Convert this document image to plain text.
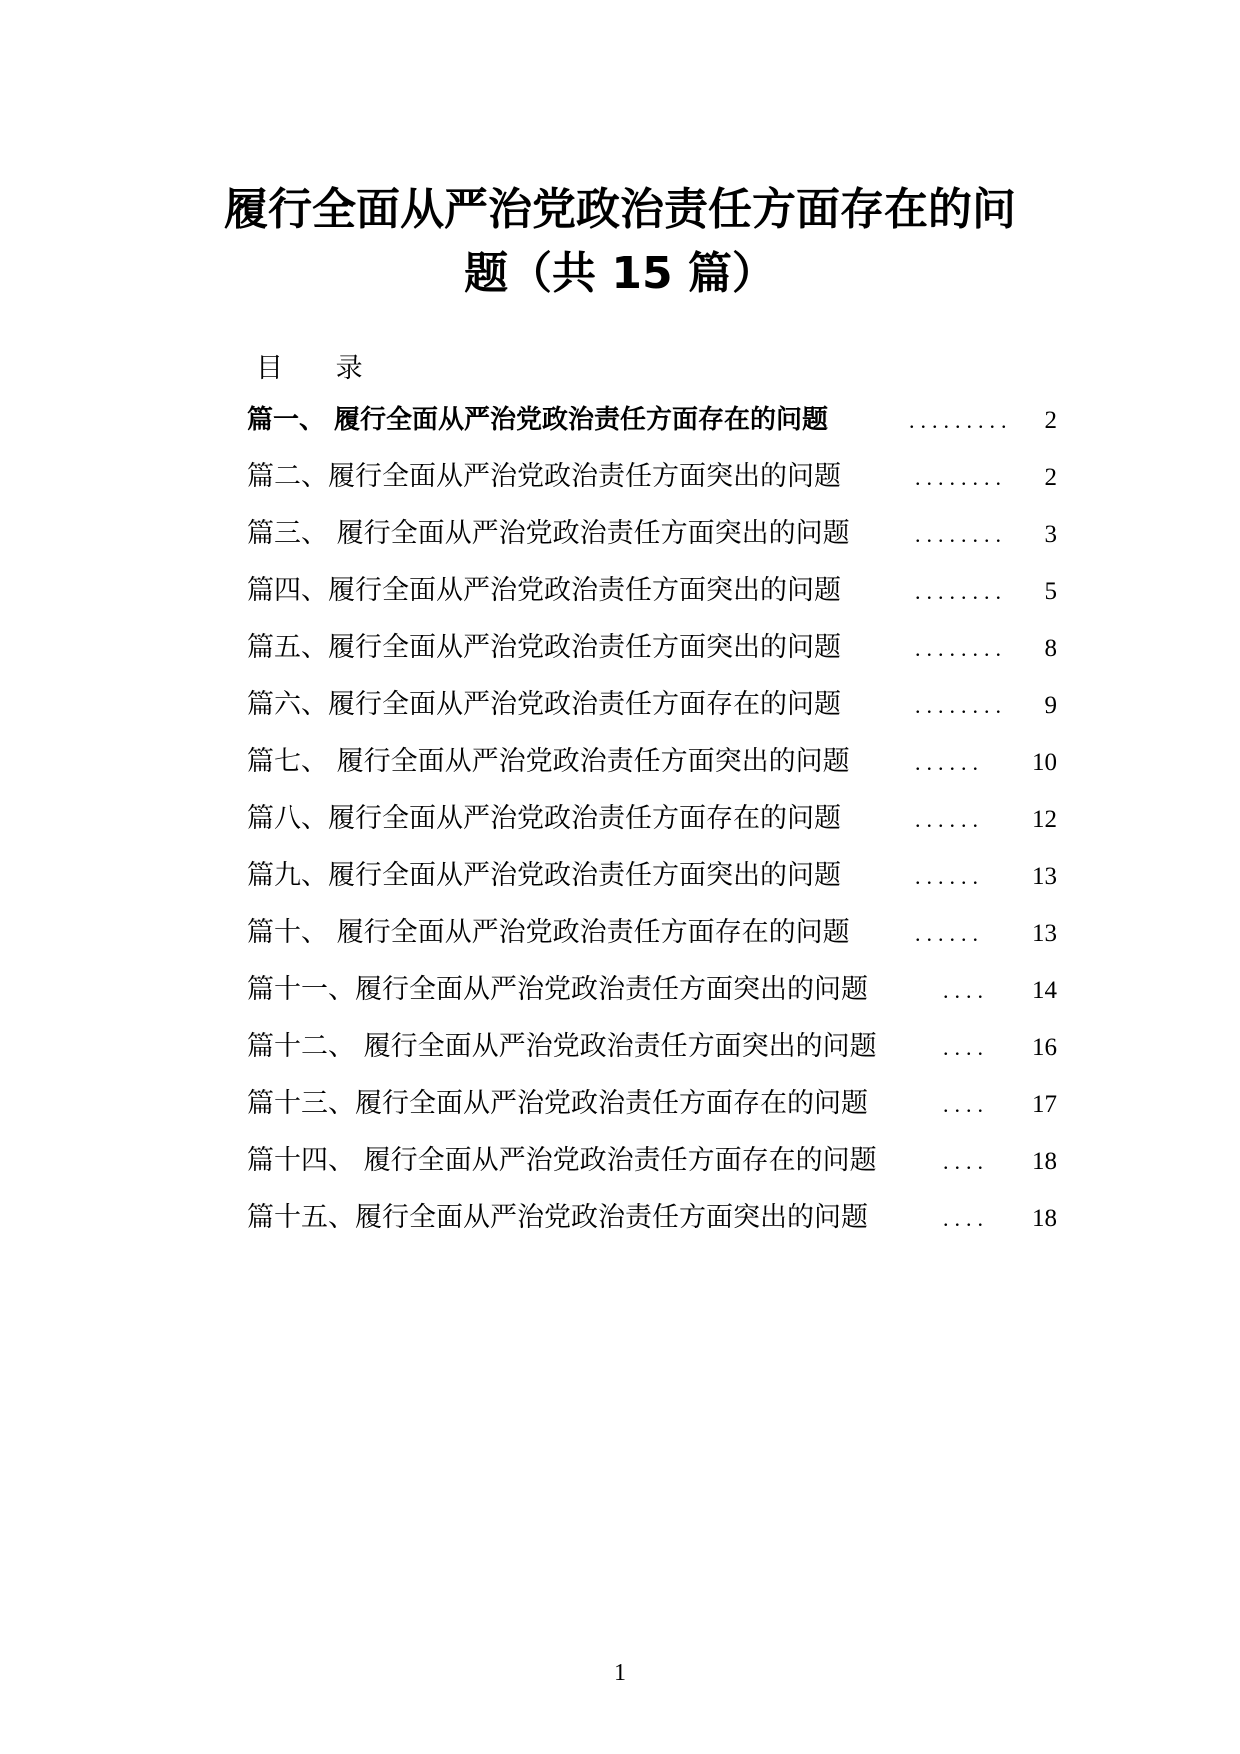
履行全面从严治党政治责任方面存在的问
题（共 15 篇）
目 录
篇一、 履行全面从严治党政治责任方面存在的问题	......... 2
篇二、履行全面从严治党政治责任方面突出的问题	........ 2
篇三、 履行全面从严治党政治责任方面突出的问题	........ 3
篇四、履行全面从严治党政治责任方面突出的问题	........ 5
篇五、履行全面从严治党政治责任方面突出的问题	........ 8
篇六、履行全面从严治党政治责任方面存在的问题	........ 9
篇七、 履行全面从严治党政治责任方面突出的问题	...... 10
篇八、履行全面从严治党政治责任方面存在的问题	...... 12
篇九、履行全面从严治党政治责任方面突出的问题	...... 13
篇十、 履行全面从严治党政治责任方面存在的问题	...... 13
篇十一、履行全面从严治党政治责任方面突出的问题	.... 14
篇十二、 履行全面从严治党政治责任方面突出的问题	.... 16
篇十三、履行全面从严治党政治责任方面存在的问题	.... 17
篇十四、 履行全面从严治党政治责任方面存在的问题	.... 18
篇十五、履行全面从严治党政治责任方面突出的问题	.... 18
1
